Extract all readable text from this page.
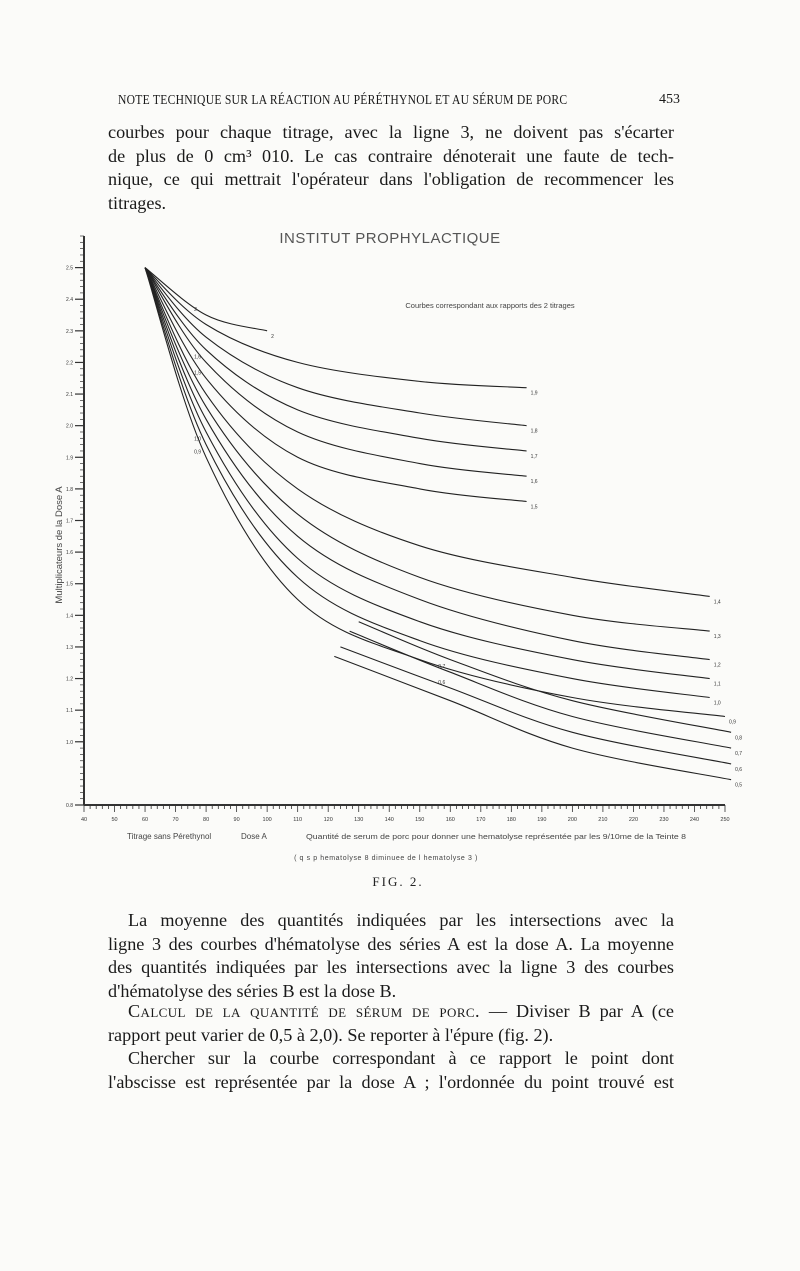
NOTE TECHNIQUE SUR LA RÉACTION AU PÉRÉTHYNOL ET AU SÉRUM DE PORC	453
courbes pour chaque titrage, avec la ligne 3, ne doivent pas s'écarter
de plus de 0 cm³ 010. Le cas contraire dénoterait une faute de tech-
nique, ce qui mettrait l'opérateur dans l'obligation de recommencer les
titrages.
40	50	60	70	80	90	100	110	120	130	140	150	160	170	180	190	200	210	220	230	240	250
0.8
1.0
1.1
1.2
1.3
1.4
1.5
1.6
1.7
1.8
1.9
2.0
2.1
2.2
2.3
2.4
2.5
2
2
1,9
1,8
1,7
1,6
1,6
1,5
1,5
1,4
1,3
1,2
1,1
1,0
1,0
0,9
0,9
0,8
0,7
0,7
0,6
0,6
0,5
INSTITUT PROPHYLACTIQUE
Courbes correspondant aux rapports des 2 titrages
Multiplicateurs de la Dose A
Titrage sans Pérethynol	Dose A	Quantité de serum de porc pour donner une hematolyse représentée par les 9/10me de la Teinte 8
( q s p hematolyse 8 diminuee de l hematolyse 3 )
FIG. 2.
La moyenne des quantités indiquées par les intersections avec la
ligne 3 des courbes d'hématolyse des séries A est la dose A. La moyenne
des quantités indiquées par les intersections avec la ligne 3 des courbes
d'hématolyse des séries B est la dose B.
Calcul de la quantité de sérum de porc. — Diviser B par A (ce
rapport peut varier de 0,5 à 2,0). Se reporter à l'épure (fig. 2).
Chercher sur la courbe correspondant à ce rapport le point dont
l'abscisse est représentée par la dose A ; l'ordonnée du point trouvé est
